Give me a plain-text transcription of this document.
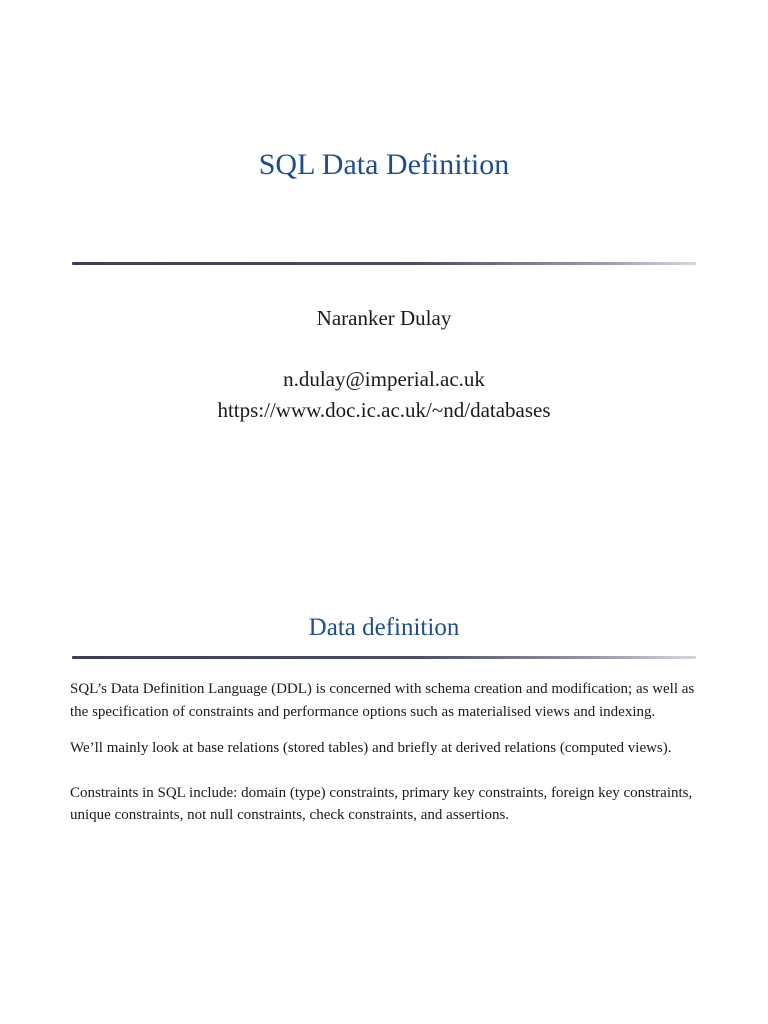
SQL Data Definition
Naranker Dulay
n.dulay@imperial.ac.uk
https://www.doc.ic.ac.uk/~nd/databases
Data definition

SQL’s Data Definition Language (DDL) is concerned with schema creation and modification; as well as the specification of constraints and performance options such as materialised views and indexing.

We’ll mainly look at base relations (stored tables) and briefly at derived relations (computed views).

Constraints in SQL include: domain (type) constraints, primary key constraints, foreign key constraints, unique constraints, not null constraints, check constraints, and assertions.
